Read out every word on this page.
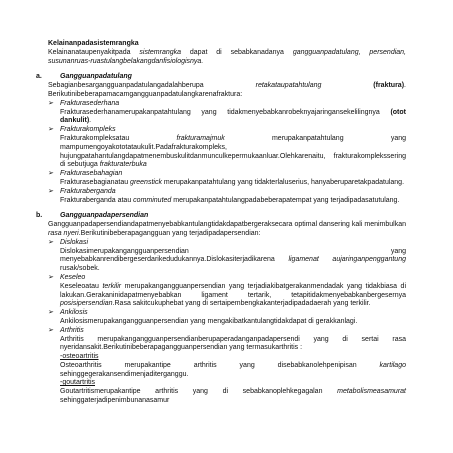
Kelainanpadasistemrangka
Kelainanataupenyakitpada sistemrangka dapat di sebabkanadanya gangguanpadatulang, persendian, susunanruas-ruastulangbelakangdanfisiologisnya.
a.	Gangguanpadatulang
Sebagianbesargangguanpadatulangadalahberupa retakataupatahtulang	(fraktura). Berikutinibeberapamacamgangguanpadatulangkarenafraktura:
➢ Frakturasederhana
Frakturasederhanamerupakanpatahtulang yang tidakmenyebabkanrobeknyajaringansekelilingnya (otot dankulit).
➢ Frakturakompleks
Frakturakompleksatau frakturamajmuk merupakanpatahtulang yang mampumengoyakototataukulit.Padafrakturakompleks, hujungpatahantulangdapatmenembuskulitdanmunculkepermukaanluar.Olehkarenaitu, frakturakomplekssering di sebutjuga frakturaterbuka
➢ Frakturasebahagian
Frakturasebagianatau greenstick merupakanpatahtulang yang tidakterlaluserius, hanyaberuparetakpadatulang.
➢ Frakturaberganda
Frakturaberganda atau comminuted merupakanpatahtulangpadabeberapatempat yang terjadipadasatutulang.
b.	Gangguanpadapersendian
Gangguanpadapersendiandapatmenyebabkantulangtidakdapatbergeraksecara optimal dansering kali menimbulkan rasa nyeri.Berikutinibeberapagangguan yang terjadipadapersendian:
➢ Dislokasi
Dislokasimerupakangangguanpersendian yang menyebabkanrendibergeserdarikedudukannya.Dislokasiterjadikarena ligamenat aujaringanpenggantung rusak/sobek.
➢ Keseleo
Keseleoatau terkilir merupakangangguanpersendian yang terjadiakibatgerakanmendadak yang tidakbiasa di lakukan.Gerakaninidapatmenyebabkan ligament tertarik, tetapitidakmenyebabkanbergesernya posisipersendian.Rasa sakitcukuphebat yang di sertaipembengkakanterjadipadadaerah yang terkilir.
➢ Ankilosis
Ankilosismerupakangangguanpersendian yang mengakibatkantulangtidakdapat di gerakkanlagi.
➢ Arthritis
Arthritis merupakangangguanpersendianberupaperadanganpadapersendi yang di sertai rasa nyeridansakit.Berikutinibeberapagangguanpersendian yang termasukarthritis :
-osteoartritis
Osteoarthritis merupakantipe arthritis yang disebabkanolehpenipisan kartilago sehinggegerakansendimenjaditerganggu.
-goutartritis
Goutartritismerupakantipe arthritis yang di sebabkanoplehkegagalan metabolismeasamurat sehinggaterjadipenimbunanasamur
